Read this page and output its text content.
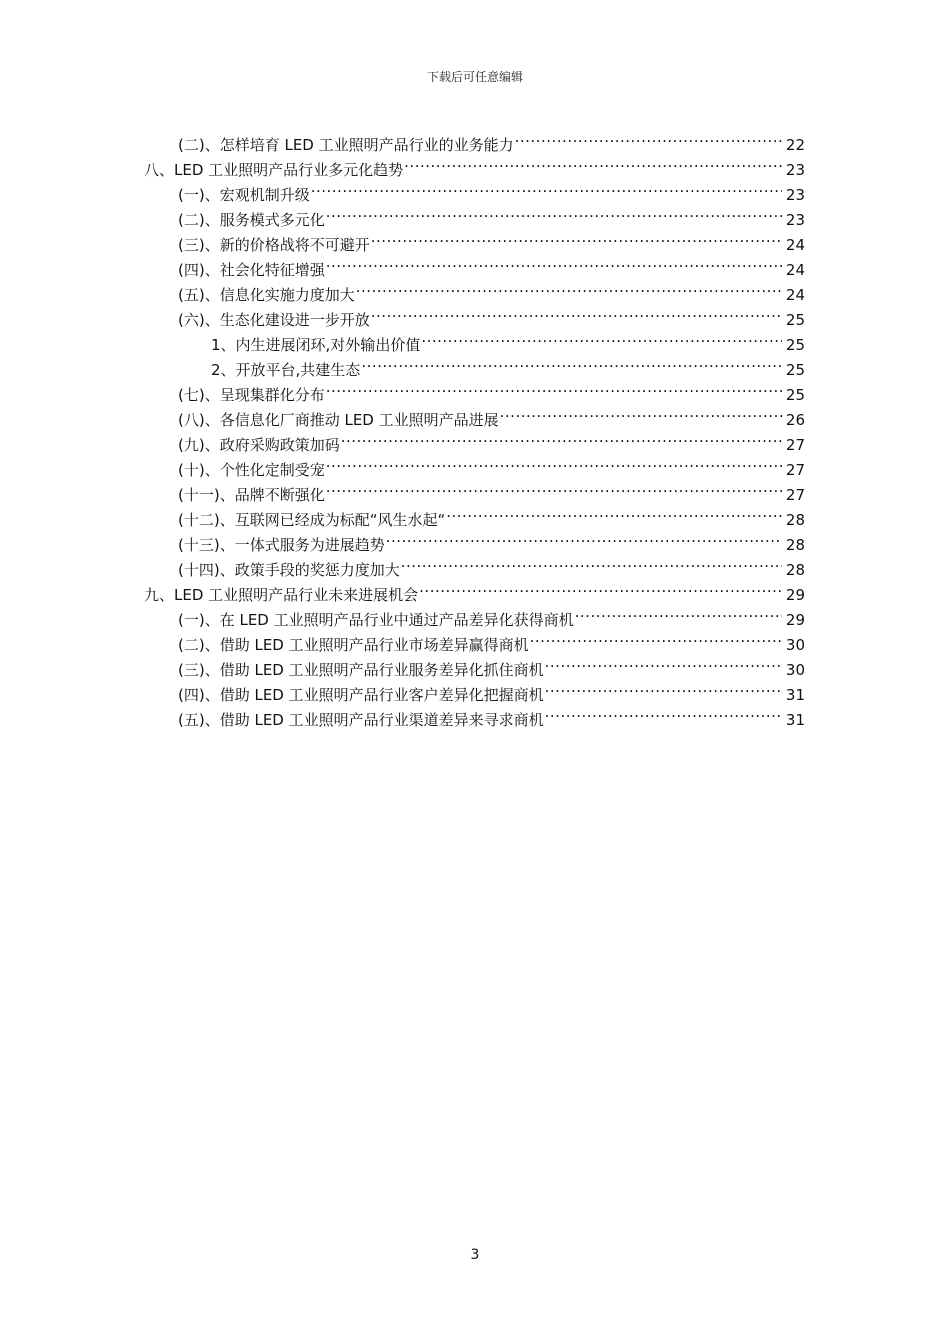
下载后可任意编辑
(二)、怎样培育 LED 工业照明产品行业的业务能力 .....	22
八、LED 工业照明产品行业多元化趋势 .....	23
(一)、宏观机制升级 .....	23
(二)、服务模式多元化 .....	23
(三)、新的价格战将不可避开 .....	24
(四)、社会化特征增强 .....	24
(五)、信息化实施力度加大 .....	24
(六)、生态化建设进一步开放 .....	25
1、内生进展闭环,对外输出价值 .....	25
2、开放平台,共建生态 .....	25
(七)、呈现集群化分布 .....	25
(八)、各信息化厂商推动 LED 工业照明产品进展 .....	26
(九)、政府采购政策加码 .....	27
(十)、个性化定制受宠 .....	27
(十一)、品牌不断强化 .....	27
(十二)、互联网已经成为标配“风生水起“ .....	28
(十三)、一体式服务为进展趋势 .....	28
(十四)、政策手段的奖惩力度加大 .....	28
九、LED 工业照明产品行业未来进展机会 .....	29
(一)、在 LED 工业照明产品行业中通过产品差异化获得商机 .....	29
(二)、借助 LED 工业照明产品行业市场差异赢得商机 .....	30
(三)、借助 LED 工业照明产品行业服务差异化抓住商机 .....	30
(四)、借助 LED 工业照明产品行业客户差异化把握商机 .....	31
(五)、借助 LED 工业照明产品行业渠道差异来寻求商机 .....	31
3
